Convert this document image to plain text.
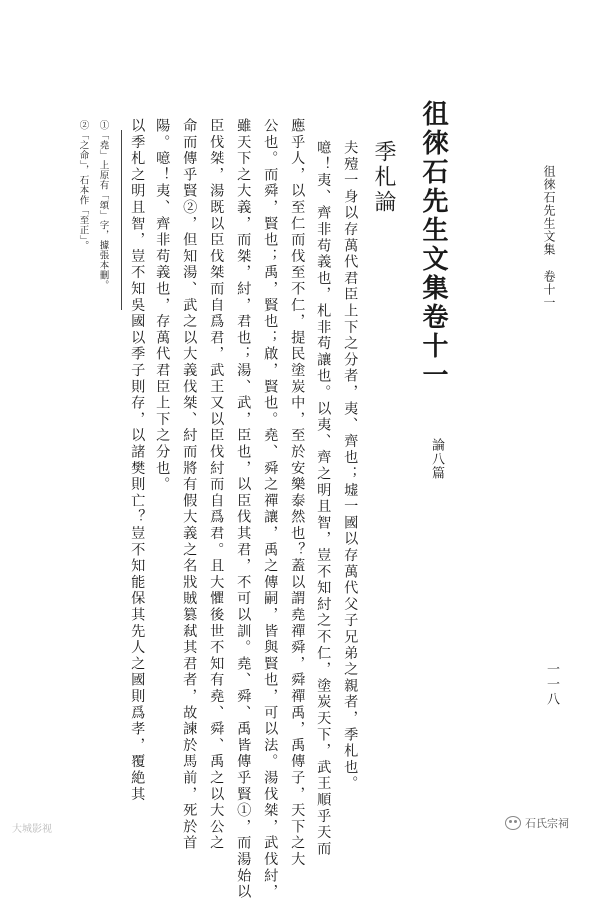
徂徠石先生文集卷十一
徂徠石先生文集卷十一
論八篇
季札論
夫殪一身以存萬代君臣上下之分者，夷、齊也；墟一國以存萬代父子兄弟之親者，季札也。
噫！夷、齊非苟義也，札非苟讓也。以夷、齊之明且智，豈不知紂之不仁，塗炭天下，武王順乎天而
應乎人，以至仁而伐至不仁，提民塗炭中，至於安樂泰然也？蓋以謂堯禪舜，舜禪禹，禹傳子，天下之大
公也。而舜，賢也；禹，賢也；啟，賢也。堯、舜之禪讓，禹之傳嗣，皆與賢也，可以法。湯伐桀，武伐紂，
雖天下之大義，而桀，紂，君也；湯、武，臣也，以臣伐其君，不可以訓。堯、舜、禹皆傳乎賢①，而湯始以
臣伐桀，湯既以臣伐桀而自爲君，武王又以臣伐紂而自爲君。且大懼後世不知有堯、舜、禹之以大公之
命而傳乎賢②，但知湯、武之以大義伐桀、紂而將有假大義之名戕賊篡弒其君者，故諫於馬前，死於首
陽。噫！夷、齊非苟義也，存萬代君臣上下之分也。
以季札之明且智，豈不知吳國以季子則存，以諸樊則亡？豈不知能保其先人之國則爲孝，覆絶其
①「堯」上原有「頌」字，據張本刪。
②「之命」，石本作「至正」。
一一八
大城影视	石氏宗祠
